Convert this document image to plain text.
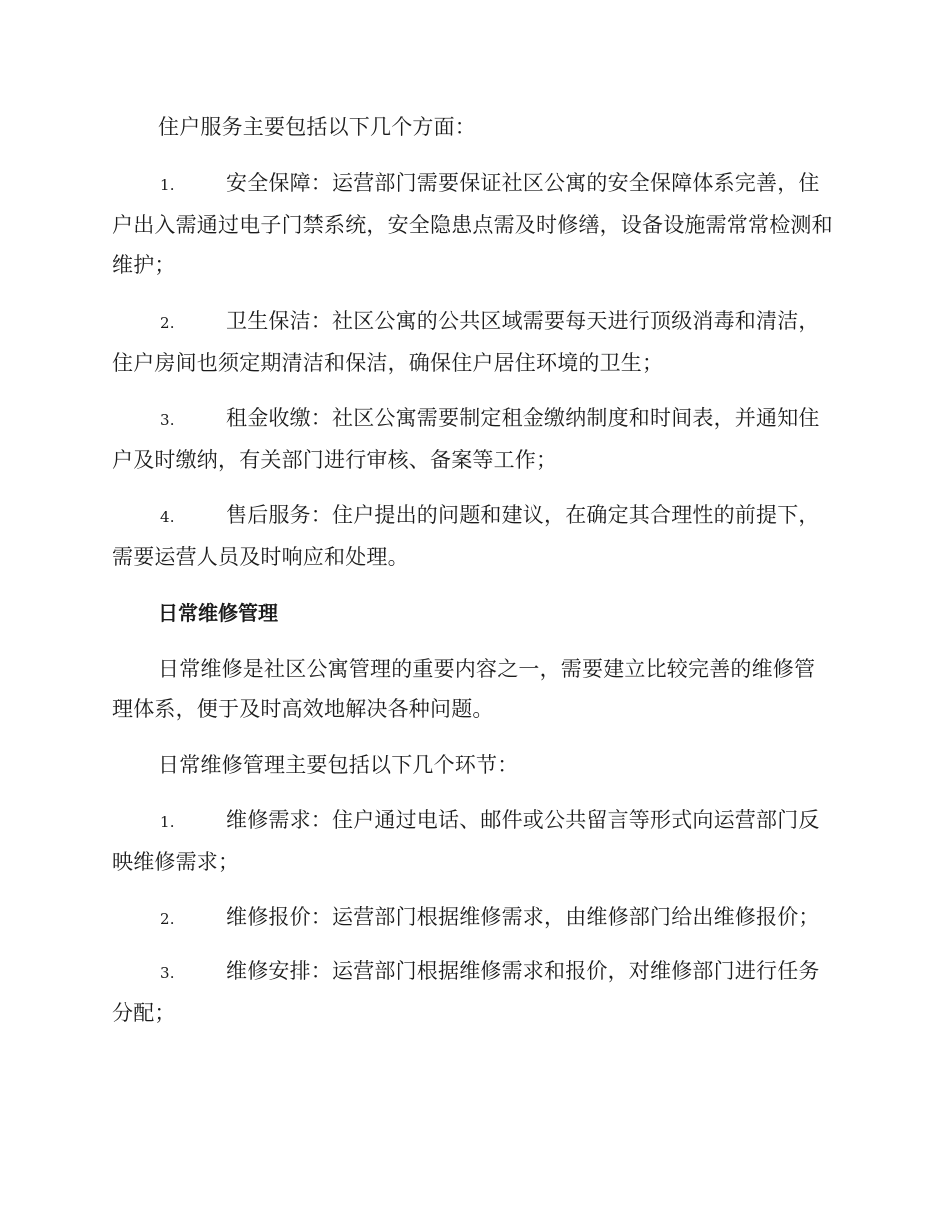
住户服务主要包括以下几个方面：
1. 安全保障：运营部门需要保证社区公寓的安全保障体系完善，住户出入需通过电子门禁系统，安全隐患点需及时修缮，设备设施需常常检测和维护；
2. 卫生保洁：社区公寓的公共区域需要每天进行顶级消毒和清洁，住户房间也须定期清洁和保洁，确保住户居住环境的卫生；
3. 租金收缴：社区公寓需要制定租金缴纳制度和时间表，并通知住户及时缴纳，有关部门进行审核、备案等工作；
4. 售后服务：住户提出的问题和建议，在确定其合理性的前提下，需要运营人员及时响应和处理。
日常维修管理
日常维修是社区公寓管理的重要内容之一，需要建立比较完善的维修管理体系，便于及时高效地解决各种问题。
日常维修管理主要包括以下几个环节：
1. 维修需求：住户通过电话、邮件或公共留言等形式向运营部门反映维修需求；
2. 维修报价：运营部门根据维修需求，由维修部门给出维修报价；
3. 维修安排：运营部门根据维修需求和报价，对维修部门进行任务分配；
